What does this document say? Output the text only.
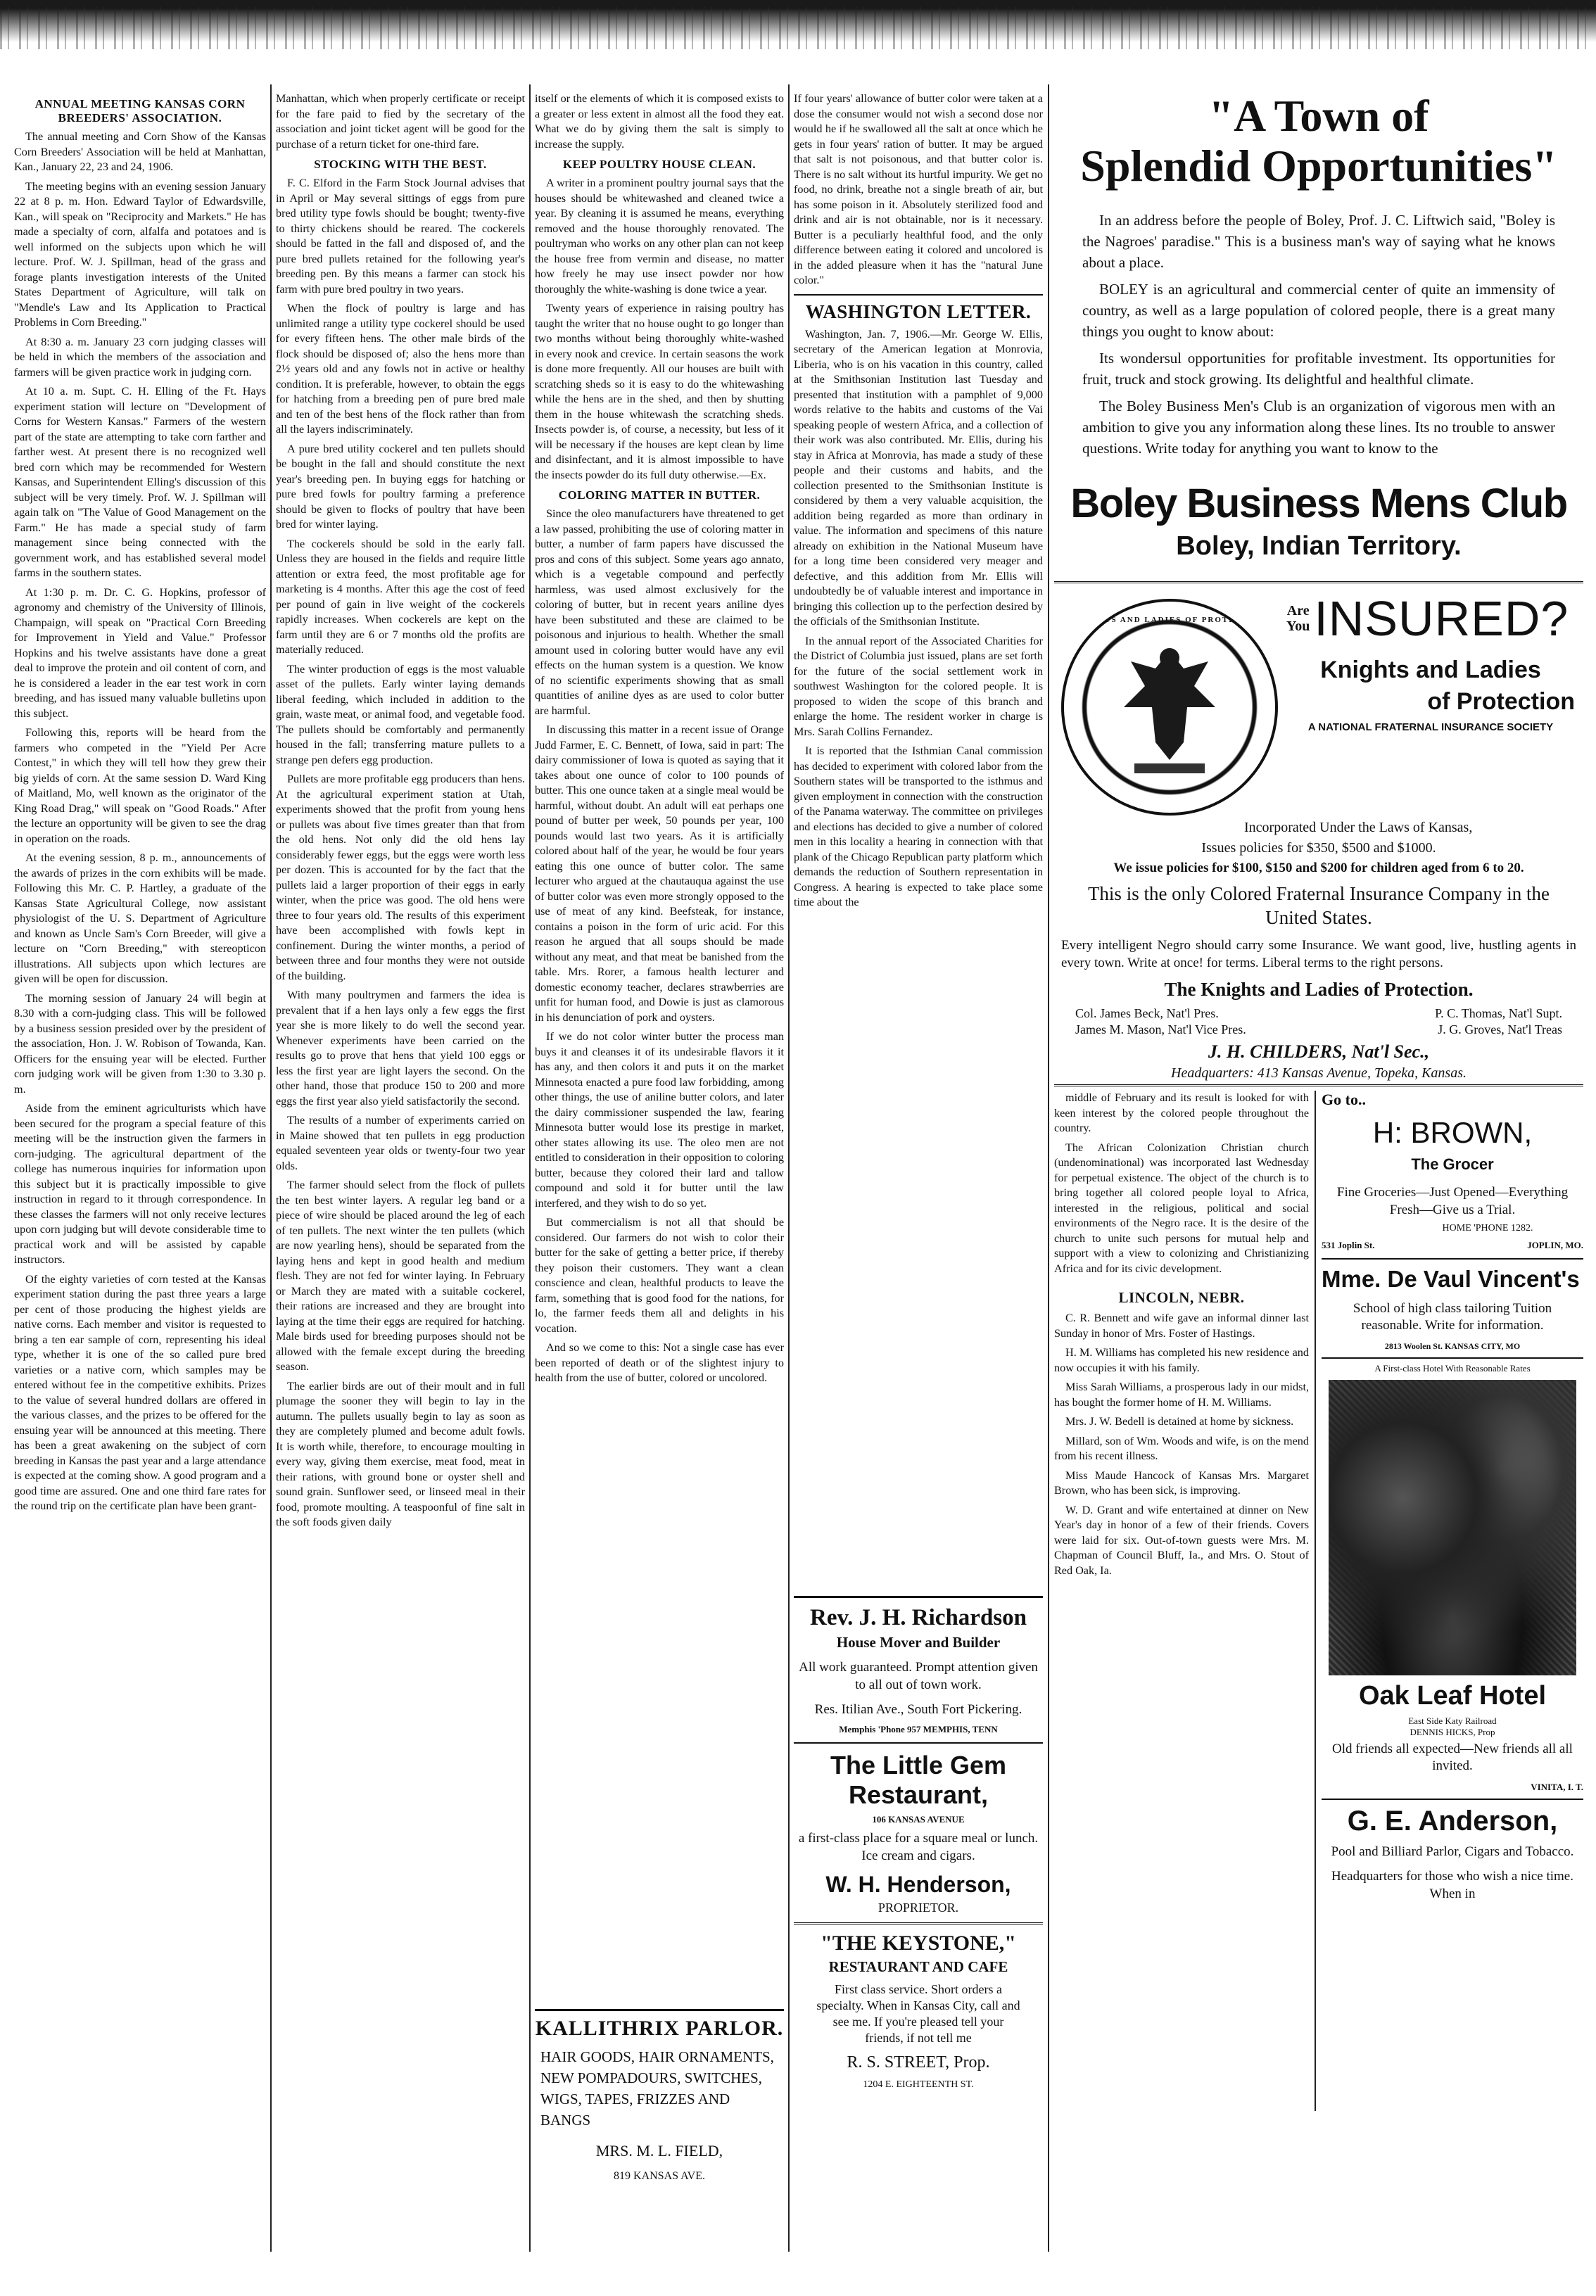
ANNUAL MEETING KANSAS CORN BREEDERS' ASSOCIATION.

The annual meeting and Corn Show of the Kansas Corn Breeders' Association will be held at Manhattan, Kan., January 22, 23 and 24, 1906.

The meeting begins with an evening session January 22 at 8 p. m. Hon. Edward Taylor of Edwardsville, Kan., will speak on "Reciprocity and Markets." He has made a specialty of corn, alfalfa and potatoes and is well informed on the subjects upon which he will lecture. Prof. W. J. Spillman, head of the grass and forage plants investigation interests of the United States Department of Agriculture, will talk on "Mendle's Law and Its Application to Practical Problems in Corn Breeding."

At 8:30 a. m. January 23 corn judging classes will be held in which the members of the association and farmers will be given practice work in judging corn.

At 10 a. m. Supt. C. H. Elling of the Ft. Hays experiment station will lecture on "Development of Corns for Western Kansas." Farmers of the western part of the state are attempting to take corn farther and farther west. At present there is no recognized well bred corn which may be recommended for Western Kansas, and Superintendent Elling's discussion of this subject will be very timely. Prof. W. J. Spillman will again talk on "The Value of Good Management on the Farm." He has made a special study of farm management since being connected with the government work, and has established several model farms in the southern states.

At 1:30 p. m. Dr. C. G. Hopkins, professor of agronomy and chemistry of the University of Illinois, Champaign, will speak on "Practical Corn Breeding for Improvement in Yield and Value." Professor Hopkins and his twelve assistants have done a great deal to improve the protein and oil content of corn, and he is considered a leader in the ear test work in corn breeding, and has issued many valuable bulletins upon this subject.

Following this, reports will be heard from the farmers who competed in the "Yield Per Acre Contest," in which they will tell how they grew their big yields of corn. At the same session D. Ward King of Maitland, Mo, well known as the originator of the King Road Drag," will speak on "Good Roads." After the lecture an opportunity will be given to see the drag in operation on the roads.

At the evening session, 8 p. m., announcements of the awards of prizes in the corn exhibits will be made. Following this Mr. C. P. Hartley, a graduate of the Kansas State Agricultural College, now assistant physiologist of the U. S. Department of Agriculture and known as Uncle Sam's Corn Breeder, will give a lecture on "Corn Breeding," with stereopticon illustrations. All subjects upon which lectures are given will be open for discussion.

The morning session of January 24 will begin at 8.30 with a corn-judging class. This will be followed by a business session presided over by the president of the association, Hon. J. W. Robison of Towanda, Kan. Officers for the ensuing year will be elected. Further corn judging work will be given from 1:30 to 3.30 p. m.

Aside from the eminent agriculturists which have been secured for the program a special feature of this meeting will be the instruction given the farmers in corn-judging. The agricultural department of the college has numerous inquiries for information upon this subject but it is practically impossible to give instruction in regard to it through correspondence. In these classes the farmers will not only receive lectures upon corn judging but will devote considerable time to practical work and will be assisted by capable instructors.

Of the eighty varieties of corn tested at the Kansas experiment station during the past three years a large per cent of those producing the highest yields are native corns. Each member and visitor is requested to bring a ten ear sample of corn, representing his ideal type, whether it is one of the so called pure bred varieties or a native corn, which samples may be entered without fee in the competitive exhibits. Prizes to the value of several hundred dollars are offered in the various classes, and the prizes to be offered for the ensuing year will be announced at this meeting. There has been a great awakening on the subject of corn breeding in Kansas the past year and a large attendance is expected at the coming show. A good program and a good time are assured. One and one third fare rates for the round trip on the certificate plan have been grant-

Manhattan, which when properly certificate or receipt for the fare paid to fied by the secretary of the association and joint ticket agent will be good for the purchase of a return ticket for one-third fare.

STOCKING WITH THE BEST.

F. C. Elford in the Farm Stock Journal advises that in April or May several sittings of eggs from pure bred utility type fowls should be bought; twenty-five to thirty chickens should be reared. The cockerels should be fatted in the fall and disposed of, and the pure bred pullets retained for the following year's breeding pen. By this means a farmer can stock his farm with pure bred poultry in two years.

When the flock of poultry is large and has unlimited range a utility type cockerel should be used for every fifteen hens. The other male birds of the flock should be disposed of; also the hens more than 2½ years old and any fowls not in active or healthy condition. It is preferable, however, to obtain the eggs for hatching from a breeding pen of pure bred male and ten of the best hens of the flock rather than from all the layers indiscriminately.

A pure bred utility cockerel and ten pullets should be bought in the fall and should constitute the next year's breeding pen. In buying eggs for hatching or pure bred fowls for poultry farming a preference should be given to flocks of poultry that have been bred for winter laying.

The cockerels should be sold in the early fall. Unless they are housed in the fields and require little attention or extra feed, the most profitable age for marketing is 4 months. After this age the cost of feed per pound of gain in live weight of the cockerels rapidly increases. When cockerels are kept on the farm until they are 6 or 7 months old the profits are materially reduced.

The winter production of eggs is the most valuable asset of the pullets. Early winter laying demands liberal feeding, which included in addition to the grain, waste meat, or animal food, and vegetable food. The pullets should be comfortably and permanently housed in the fall; transferring mature pullets to a strange pen defers egg production.

Pullets are more profitable egg producers than hens. At the agricultural experiment station at Utah, experiments showed that the profit from young hens or pullets was about five times greater than that from the old hens. Not only did the old hens lay considerably fewer eggs, but the eggs were worth less per dozen. This is accounted for by the fact that the pullets laid a larger proportion of their eggs in early winter, when the price was good. The old hens were three to four years old. The results of this experiment have been accomplished with fowls kept in confinement. During the winter months, a period of between three and four months they were not outside of the building.

With many poultrymen and farmers the idea is prevalent that if a hen lays only a few eggs the first year she is more likely to do well the second year. Whenever experiments have been carried on the results go to prove that hens that yield 100 eggs or less the first year are light layers the second. On the other hand, those that produce 150 to 200 and more eggs the first year also yield satisfactorily the second.

The results of a number of experiments carried on in Maine showed that ten pullets in egg production equaled seventeen year olds or twenty-four two year olds.

The farmer should select from the flock of pullets the ten best winter layers. A regular leg band or a piece of wire should be placed around the leg of each of ten pullets. The next winter the ten pullets (which are now yearling hens), should be separated from the laying hens and kept in good health and medium flesh. They are not fed for winter laying. In February or March they are mated with a suitable cockerel, their rations are increased and they are brought into laying at the time their eggs are required for hatching. Male birds used for breeding purposes should not be allowed with the female except during the breeding season.

The earlier birds are out of their moult and in full plumage the sooner they will begin to lay in the autumn. The pullets usually begin to lay as soon as they are completely plumed and become adult fowls. It is worth while, therefore, to encourage moulting in every way, giving them exercise, meat food, meat in their rations, with ground bone or oyster shell and sound grain. Sunflower seed, or linseed meal in their food, promote moulting. A teaspoonful of fine salt in the soft foods given daily

itself or the elements of which it is composed exists to a greater or less extent in almost all the food they eat. What we do by giving them the salt is simply to increase the supply.

KEEP POULTRY HOUSE CLEAN.

A writer in a prominent poultry journal says that the houses should be whitewashed and cleaned twice a year. By cleaning it is assumed he means, everything removed and the house thoroughly renovated. The poultryman who works on any other plan can not keep the house free from vermin and disease, no matter how freely he may use insect powder nor how thoroughly the white-washing is done twice a year.

Twenty years of experience in raising poultry has taught the writer that no house ought to go longer than two months without being thoroughly white-washed in every nook and crevice. In certain seasons the work is done more frequently. All our houses are built with scratching sheds so it is easy to do the whitewashing while the hens are in the shed, and then by shutting them in the house whitewash the scratching sheds. Insects powder is, of course, a necessity, but less of it will be necessary if the houses are kept clean by lime and disinfectant, and it is almost impossible to have the insects powder do its full duty otherwise.—Ex.

COLORING MATTER IN BUTTER.

Since the oleo manufacturers have threatened to get a law passed, prohibiting the use of coloring matter in butter, a number of farm papers have discussed the pros and cons of this subject. Some years ago annato, which is a vegetable compound and perfectly harmless, was used almost exclusively for the coloring of butter, but in recent years aniline dyes have been substituted and these are claimed to be poisonous and injurious to health. Whether the small amount used in coloring butter would have any evil effects on the human system is a question. We know of no scientific experiments showing that as small quantities of aniline dyes as are used to color butter are harmful.

In discussing this matter in a recent issue of Orange Judd Farmer, E. C. Bennett, of Iowa, said in part: The dairy commissioner of Iowa is quoted as saying that it takes about one ounce of color to 100 pounds of butter. This one ounce taken at a single meal would be harmful, without doubt. An adult will eat perhaps one pound of butter per week, 50 pounds per year, 100 pounds would last two years. As it is artificially colored about half of the year, he would be four years eating this one ounce of butter color. The same lecturer who argued at the chautauqua against the use of butter color was even more strongly opposed to the use of meat of any kind. Beefsteak, for instance, contains a poison in the form of uric acid. For this reason he argued that all soups should be made without any meat, and that meat be banished from the table. Mrs. Rorer, a famous health lecturer and domestic economy teacher, declares strawberries are unfit for human food, and Dowie is just as clamorous in his denunciation of pork and oysters.

If we do not color winter butter the process man buys it and cleanses it of its undesirable flavors it it has any, and then colors it and puts it on the market Minnesota enacted a pure food law forbidding, among other things, the use of aniline butter colors, and later the dairy commissioner suspended the law, fearing Minnesota butter would lose its prestige in market, other states allowing its use. The oleo men are not entitled to consideration in their opposition to coloring butter, because they colored their lard and tallow compound and sold it for butter until the law interfered, and they wish to do so yet.

But commercialism is not all that should be considered. Our farmers do not wish to color their butter for the sake of getting a better price, if thereby they poison their customers. They want a clean conscience and clean, healthful products to leave the farm, something that is good food for the nations, for lo, the farmer feeds them all and delights in his vocation.

And so we come to this: Not a single case has ever been reported of death or of the slightest injury to health from the use of butter, colored or uncolored.

KALLITHRIX PARLOR.
HAIR GOODS, HAIR ORNAMENTS, NEW POMPADOURS, SWITCHES, WIGS, TAPES, FRIZZES AND BANGS
MRS. M. L. FIELD,
819 KANSAS AVE.

If four years' allowance of butter color were taken at a dose the consumer would not wish a second dose nor would he if he swallowed all the salt at once which he gets in four years' ration of butter. It may be argued that salt is not poisonous, and that butter color is. There is no salt without its hurtful impurity. We get no food, no drink, breathe not a single breath of air, but has some poison in it. Absolutely sterilized food and drink and air is not obtainable, nor is it necessary. Butter is a peculiarly healthful food, and the only difference between eating it colored and uncolored is in the added pleasure when it has the "natural June color."

WASHINGTON LETTER.

Washington, Jan. 7, 1906.—Mr. George W. Ellis, secretary of the American legation at Monrovia, Liberia, who is on his vacation in this country, called at the Smithsonian Institution last Tuesday and presented that institution with a pamphlet of 9,000 words relative to the habits and customs of the Vai speaking people of western Africa, and a collection of their work was also contributed. Mr. Ellis, during his stay in Africa at Monrovia, has made a study of these people and their customs and habits, and the collection presented to the Smithsonian Institute is considered by them a very valuable acquisition, the addition being regarded as more than ordinary in value. The information and specimens of this nature already on exhibition in the National Museum have for a long time been considered very meager and defective, and this addition from Mr. Ellis will undoubtedly be of valuable interest and importance in bringing this collection up to the perfection desired by the officials of the Smithsonian Institute.

In the annual report of the Associated Charities for the District of Columbia just issued, plans are set forth for the future of the social settlement work in southwest Washington for the colored people. It is proposed to widen the scope of this branch and enlarge the home. The resident worker in charge is Mrs. Sarah Collins Fernandez.

It is reported that the Isthmian Canal commission has decided to experiment with colored labor from the Southern states will be transported to the isthmus and given employment in connection with the construction of the Panama waterway. The committee on privileges and elections has decided to give a number of colored men in this locality a hearing in connection with that plank of the Chicago Republican party platform which demands the reduction of Southern representation in Congress. A hearing is expected to take place some time about the

Rev. J. H. Richardson
House Mover and Builder
All work guaranteed. Prompt attention given to all out of town work.
Res. Itilian Ave., South Fort Pickering.
Memphis 'Phone 957 MEMPHIS, TENN
The Little Gem Restaurant,
106 KANSAS AVENUE
a first-class place for a square meal or lunch. Ice cream and cigars.
W. H. Henderson,
PROPRIETOR.
"THE KEYSTONE,"
RESTAURANT AND CAFE
First class service. Short orders a specialty. When in Kansas City, call and see me. If you're pleased tell your friends, if not tell me
R. S. STREET, Prop.
1204 E. EIGHTEENTH ST.
"A Town of
Splendid Opportunities"

In an address before the people of Boley, Prof. J. C. Liftwich said, "Boley is the Nagroes' paradise." This is a business man's way of saying what he knows about a place.

BOLEY is an agricultural and commercial center of quite an immensity of country, as well as a large population of colored people, there is a great many things you ought to know about:

Its wondersul opportunities for profitable investment. Its opportunities for fruit, truck and stock growing. Its delightful and healthful climate.

The Boley Business Men's Club is an organization of vigorous men with an ambition to give you any information along these lines. Its no trouble to answer questions. Write today for anything you want to know to the

Boley Business Mens Club
Boley, Indian Territory.
KNIGHTS AND LADIES OF PROTECTION
Are
You INSURED?
Knights and Ladies
of Protection
A NATIONAL FRATERNAL INSURANCE SOCIETY
Incorporated Under the Laws of Kansas,
Issues policies for $350, $500 and $1000.
We issue policies for $100, $150 and $200 for children aged from 6 to 20.
This is the only Colored Fraternal Insurance Company in the United States.
Every intelligent Negro should carry some Insurance. We want good, live, hustling agents in every town. Write at once! for terms. Liberal terms to the right persons.
The Knights and Ladies of Protection.
Col. James Beck, Nat'l Pres.	P. C. Thomas, Nat'l Supt.
James M. Mason, Nat'l Vice Pres.	J. G. Groves, Nat'l Treas
J. H. CHILDERS, Nat'l Sec.,
Headquarters: 413 Kansas Avenue, Topeka, Kansas.

middle of February and its result is looked for with keen interest by the colored people throughout the country.

The African Colonization Christian church (undenominational) was incorporated last Wednesday for perpetual existence. The object of the church is to bring together all colored people loyal to Africa, interested in the religious, political and social environments of the Negro race. It is the desire of the church to unite such persons for mutual help and support with a view to colonizing and Christianizing Africa and for its civic development.

LINCOLN, NEBR.

C. R. Bennett and wife gave an informal dinner last Sunday in honor of Mrs. Foster of Hastings.

H. M. Williams has completed his new residence and now occupies it with his family.

Miss Sarah Williams, a prosperous lady in our midst, has bought the former home of H. M. Williams.

Mrs. J. W. Bedell is detained at home by sickness.

Millard, son of Wm. Woods and wife, is on the mend from his recent illness.

Miss Maude Hancock of Kansas Mrs. Margaret Brown, who has been sick, is improving.

W. D. Grant and wife entertained at dinner on New Year's day in honor of a few of their friends. Covers were laid for six. Out-of-town guests were Mrs. M. Chapman of Council Bluff, Ia., and Mrs. O. Stout of Red Oak, Ia.

Go to..
H: BROWN,
The Grocer
Fine Groceries—Just Opened—Everything Fresh—Give us a Trial.
HOME 'PHONE 1282.
531 Joplin St.	JOPLIN, MO.
Mme. De Vaul Vincent's
School of high class tailoring Tuition reasonable. Write for information.
2813 Woolen St. KANSAS CITY, MO
A First-class Hotel With Reasonable Rates
Oak Leaf Hotel
East Side Katy Railroad
DENNIS HICKS, Prop
Old friends all expected—New friends all all invited.
VINITA, I. T.
G. E. Anderson,
Pool and Billiard Parlor, Cigars and Tobacco.
Headquarters for those who wish a nice time. When in
